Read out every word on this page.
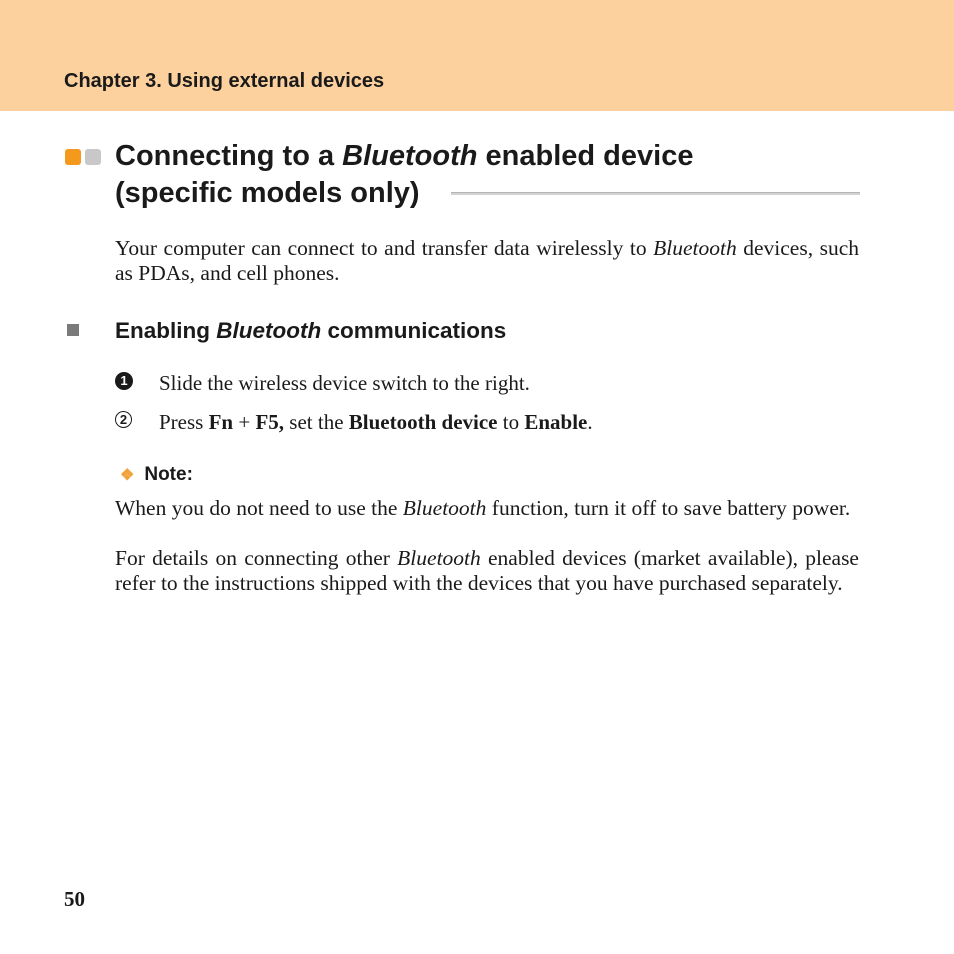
Chapter 3. Using external devices
Connecting to a Bluetooth enabled device
(specific models only)
Your computer can connect to and transfer data wirelessly to Bluetooth devices, such as PDAs, and cell phones.
Enabling Bluetooth communications
1 Slide the wireless device switch to the right.
2 Press Fn + F5, set the Bluetooth device to Enable.
❖ Note:
When you do not need to use the Bluetooth function, turn it off to save battery power.
For details on connecting other Bluetooth enabled devices (market available), please refer to the instructions shipped with the devices that you have purchased separately.
50
